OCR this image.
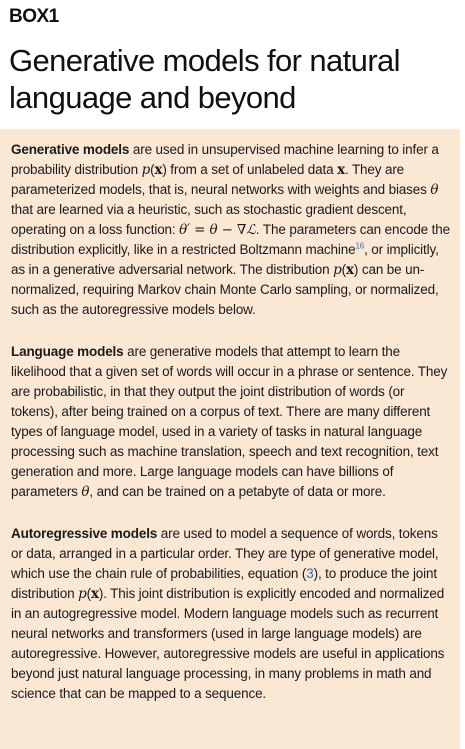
BOX1
Generative models for natural language and beyond

Generative models are used in unsupervised machine learning to infer a probability distribution p(x) from a set of unlabeled data x. They are parameterized models, that is, neural networks with weights and biases θ that are learned via a heuristic, such as stochastic gradient descent, operating on a loss function: θ′ = θ − ∇ℒ. The parameters can encode the distribution explicitly, like in a restricted Boltzmann machine$^{16}$, or implicitly, as in a generative adversarial network. The distribution p(x) can be un-normalized, requiring Markov chain Monte Carlo sampling, or normalized, such as the autoregressive models below.

Language models are generative models that attempt to learn the likelihood that a given set of words will occur in a phrase or sentence. They are probabilistic, in that they output the joint distribution of words (or tokens), after being trained on a corpus of text. There are many different types of language model, used in a variety of tasks in natural language processing such as machine translation, speech and text recognition, text generation and more. Large language models can have billions of parameters θ, and can be trained on a petabyte of data or more.

Autoregressive models are used to model a sequence of words, tokens or data, arranged in a particular order. They are type of generative model, which use the chain rule of probabilities, equation (3), to produce the joint distribution p(x). This joint distribution is explicitly encoded and normalized in an autogregressive model. Modern language models such as recurrent neural networks and transformers (used in large language models) are autoregressive. However, autoregressive models are useful in applications beyond just natural language processing, in many problems in math and science that can be mapped to a sequence.
